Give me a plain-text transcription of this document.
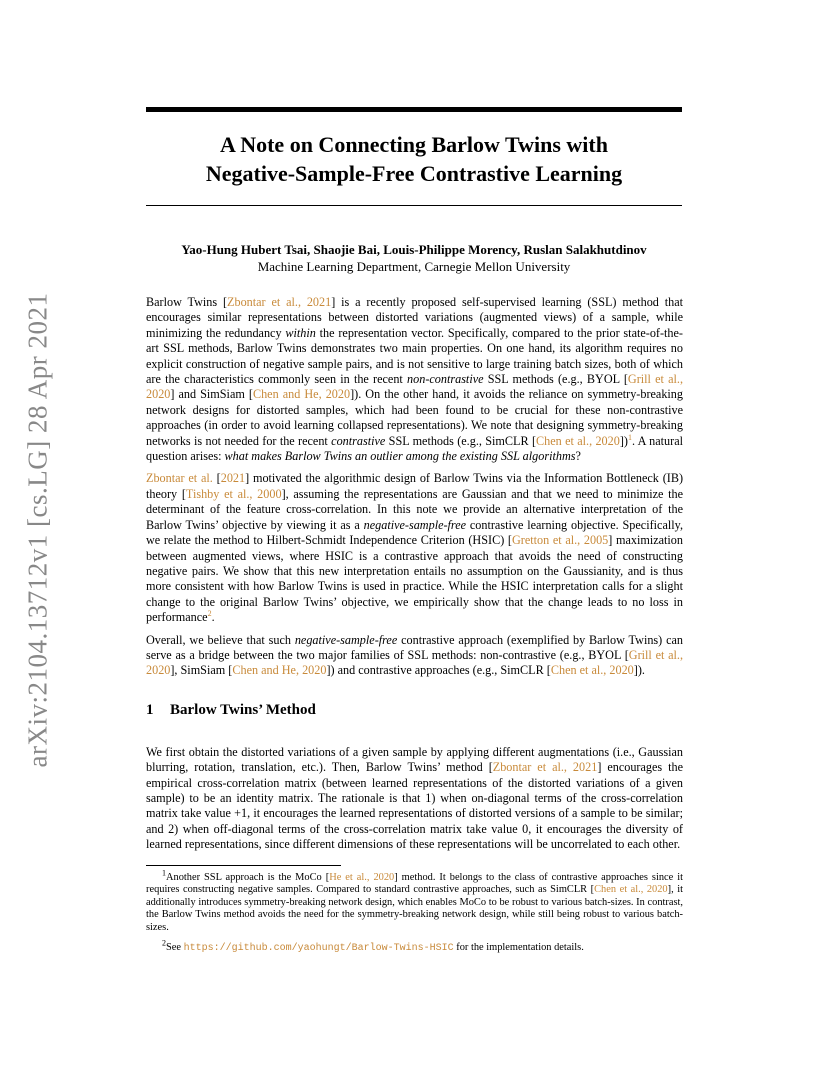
arXiv:2104.13712v1 [cs.LG] 28 Apr 2021
A Note on Connecting Barlow Twins with
Negative-Sample-Free Contrastive Learning
Yao-Hung Hubert Tsai, Shaojie Bai, Louis-Philippe Morency, Ruslan Salakhutdinov
Machine Learning Department, Carnegie Mellon University

Barlow Twins [Zbontar et al., 2021] is a recently proposed self-supervised learning (SSL) method that encourages similar representations between distorted variations (augmented views) of a sample, while minimizing the redundancy within the representation vector. Specifically, compared to the prior state-of-the-art SSL methods, Barlow Twins demonstrates two main properties. On one hand, its algorithm requires no explicit construction of negative sample pairs, and is not sensitive to large training batch sizes, both of which are the characteristics commonly seen in the recent non-contrastive SSL methods (e.g., BYOL [Grill et al., 2020] and SimSiam [Chen and He, 2020]). On the other hand, it avoids the reliance on symmetry-breaking network designs for distorted samples, which had been found to be crucial for these non-contrastive approaches (in order to avoid learning collapsed representations). We note that designing symmetry-breaking networks is not needed for the recent contrastive SSL methods (e.g., SimCLR [Chen et al., 2020])$^1$. A natural question arises: what makes Barlow Twins an outlier among the existing SSL algorithms?

Zbontar et al. [2021] motivated the algorithmic design of Barlow Twins via the Information Bottleneck (IB) theory [Tishby et al., 2000], assuming the representations are Gaussian and that we need to minimize the determinant of the feature cross-correlation. In this note we provide an alternative interpretation of the Barlow Twins’ objective by viewing it as a negative-sample-free contrastive learning objective. Specifically, we relate the method to Hilbert-Schmidt Independence Criterion (HSIC) [Gretton et al., 2005] maximization between augmented views, where HSIC is a contrastive approach that avoids the need of constructing negative pairs. We show that this new interpretation entails no assumption on the Gaussianity, and is thus more consistent with how Barlow Twins is used in practice. While the HSIC interpretation calls for a slight change to the original Barlow Twins’ objective, we empirically show that the change leads to no loss in performance$^2$.

Overall, we believe that such negative-sample-free contrastive approach (exemplified by Barlow Twins) can serve as a bridge between the two major families of SSL methods: non-contrastive (e.g., BYOL [Grill et al., 2020], SimSiam [Chen and He, 2020]) and contrastive approaches (e.g., SimCLR [Chen et al., 2020]).

1 Barlow Twins’ Method

We first obtain the distorted variations of a given sample by applying different augmentations (i.e., Gaussian blurring, rotation, translation, etc.). Then, Barlow Twins’ method [Zbontar et al., 2021] encourages the empirical cross-correlation matrix (between learned representations of the distorted variations of a given sample) to be an identity matrix. The rationale is that 1) when on-diagonal terms of the cross-correlation matrix take value +1, it encourages the learned representations of distorted versions of a sample to be similar; and 2) when off-diagonal terms of the cross-correlation matrix take value 0, it encourages the diversity of learned representations, since different dimensions of these representations will be uncorrelated to each other.

$^1$Another SSL approach is the MoCo [He et al., 2020] method. It belongs to the class of contrastive approaches since it requires constructing negative samples. Compared to standard contrastive approaches, such as SimCLR [Chen et al., 2020], it additionally introduces symmetry-breaking network design, which enables MoCo to be robust to various batch-sizes. In contrast, the Barlow Twins method avoids the need for the symmetry-breaking network design, while still being robust to various batch-sizes.

$^2$See https://github.com/yaohungt/Barlow-Twins-HSIC for the implementation details.
